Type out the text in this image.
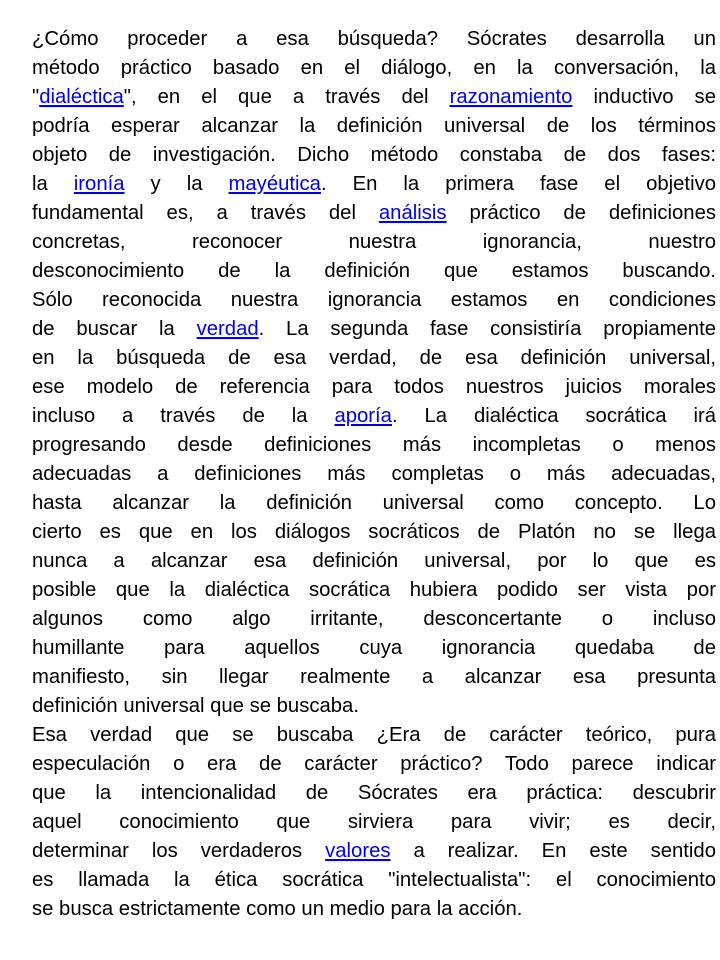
¿Cómo proceder a esa búsqueda? Sócrates desarrolla un
método práctico basado en el diálogo, en la conversación, la
"dialéctica", en el que a través del razonamiento inductivo se
podría esperar alcanzar la definición universal de los términos
objeto de investigación. Dicho método constaba de dos fases:
la ironía y la mayéutica. En la primera fase el objetivo
fundamental es, a través del análisis práctico de definiciones
concretas, reconocer nuestra ignorancia, nuestro
desconocimiento de la definición que estamos buscando.
Sólo reconocida nuestra ignorancia estamos en condiciones
de buscar la verdad. La segunda fase consistiría propiamente
en la búsqueda de esa verdad, de esa definición universal,
ese modelo de referencia para todos nuestros juicios morales
incluso a través de la aporía. La dialéctica socrática irá
progresando desde definiciones más incompletas o menos
adecuadas a definiciones más completas o más adecuadas,
hasta alcanzar la definición universal como concepto. Lo
cierto es que en los diálogos socráticos de Platón no se llega
nunca a alcanzar esa definición universal, por lo que es
posible que la dialéctica socrática hubiera podido ser vista por
algunos como algo irritante, desconcertante o incluso
humillante para aquellos cuya ignorancia quedaba de
manifiesto, sin llegar realmente a alcanzar esa presunta
definición universal que se buscaba.
Esa verdad que se buscaba ¿Era de carácter teórico, pura
especulación o era de carácter práctico? Todo parece indicar
que la intencionalidad de Sócrates era práctica: descubrir
aquel conocimiento que sirviera para vivir; es decir,
determinar los verdaderos valores a realizar. En este sentido
es llamada la ética socrática "intelectualista": el conocimiento
se busca estrictamente como un medio para la acción.
